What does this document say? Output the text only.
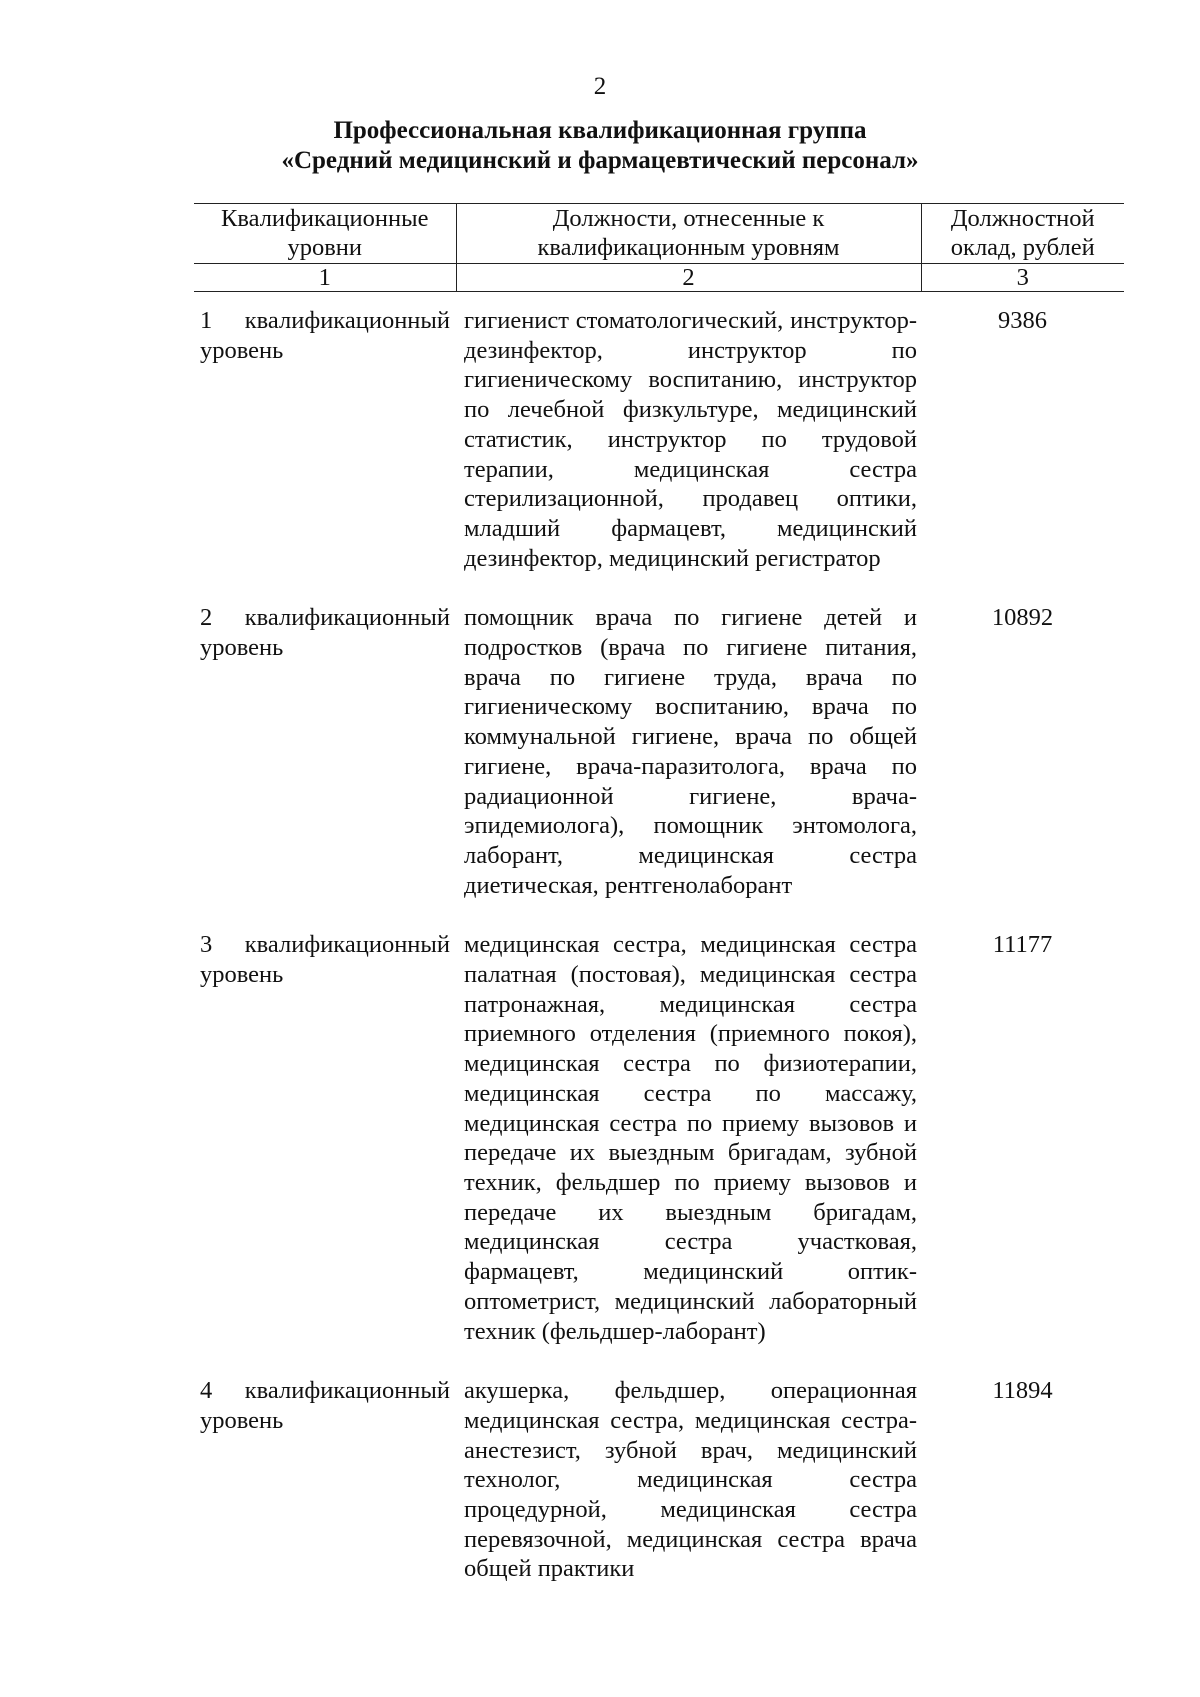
2
Профессиональная квалификационная группа
«Средний медицинский и фармацевтический персонал»
Квалификационные уровни	Должности, отнесенные к квалификационным уровням	Должностной оклад, рублей
1	2	3
1 квалификационный уровень	гигиенист стоматологический, инструктор-дезинфектор, инструктор по гигиеническому воспитанию, инструктор по лечебной физкультуре, медицинский статистик, инструктор по трудовой терапии, медицинская сестра стерилизационной, продавец оптики, младший фармацевт, медицинский дезинфектор, медицинский регистратор	9386
2 квалификационный уровень	помощник врача по гигиене детей и подростков (врача по гигиене питания, врача по гигиене труда, врача по гигиеническому воспитанию, врача по коммунальной гигиене, врача по общей гигиене, врача-паразитолога, врача по радиационной гигиене, врача-эпидемиолога), помощник энтомолога, лаборант, медицинская сестра диетическая, рентгенолаборант	10892
3 квалификационный уровень	медицинская сестра, медицинская сестра палатная (постовая), медицинская сестра патронажная, медицинская сестра приемного отделения (приемного покоя), медицинская сестра по физиотерапии, медицинская сестра по массажу, медицинская сестра по приему вызовов и передаче их выездным бригадам, зубной техник, фельдшер по приему вызовов и передаче их выездным бригадам, медицинская сестра участковая, фармацевт, медицинский оптик-оптометрист, медицинский лабораторный техник (фельдшер-лаборант)	11177
4 квалификационный уровень	акушерка, фельдшер, операционная медицинская сестра, медицинская сестра-анестезист, зубной врач, медицинский технолог, медицинская сестра процедурной, медицинская сестра перевязочной, медицинская сестра врача общей практики	11894
